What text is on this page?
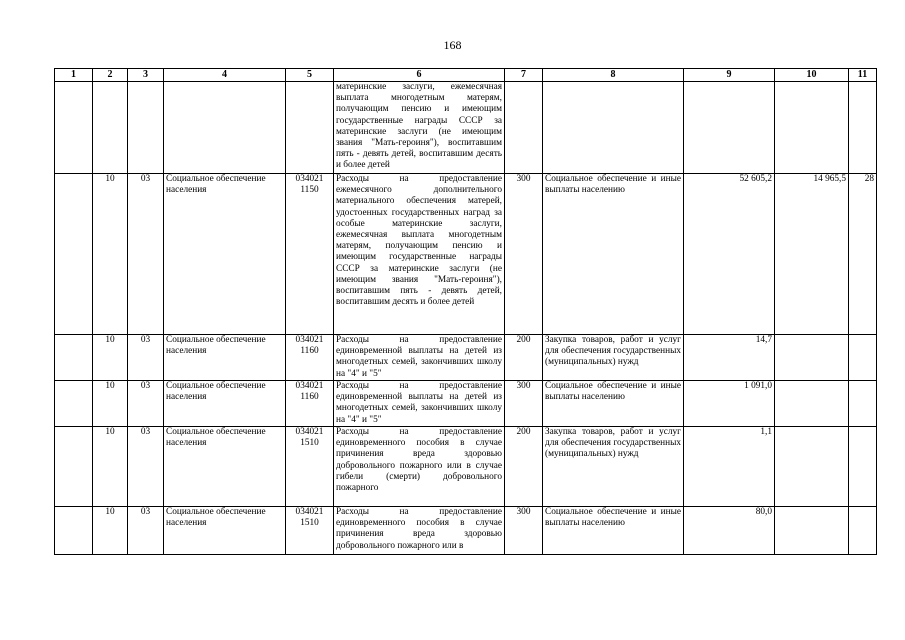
168
1	2	3	4	5	6	7	8	9	10	11
					материнские заслуги, ежемесячная выплата многодетным матерям, получающим пенсию и имеющим государственные награды СССР за материнские заслуги (не имеющим звания "Мать-героиня"), воспитавшим пять - девять детей, воспитавшим десять и более детей					
	10	03	Социальное обеспечение населения	034021 1150	Расходы на предоставление ежемесячного дополнительного материального обеспечения матерей, удостоенных государственных наград за особые материнские заслуги, ежемесячная выплата многодетным матерям, получающим пенсию и имеющим государственные награды СССР за материнские заслуги (не имеющим звания "Мать-героиня"), воспитавшим пять - девять детей, воспитавшим десять и более детей	300	Социальное обеспечение и иные выплаты населению	52 605,2	14 965,5	28
	10	03	Социальное обеспечение населения	034021 1160	Расходы на предоставление единовременной выплаты на детей из многодетных семей, закончивших школу на "4" и "5"	200	Закупка товаров, работ и услуг для обеспечения государственных (муниципальных) нужд	14,7		
	10	03	Социальное обеспечение населения	034021 1160	Расходы на предоставление единовременной выплаты на детей из многодетных семей, закончивших школу на "4" и "5"	300	Социальное обеспечение и иные выплаты населению	1 091,0		
	10	03	Социальное обеспечение населения	034021 1510	Расходы на предоставление единовременного пособия в случае причинения вреда здоровью добровольного пожарного или в случае гибели (смерти) добровольного пожарного	200	Закупка товаров, работ и услуг для обеспечения государственных (муниципальных) нужд	1,1		
	10	03	Социальное обеспечение населения	034021 1510	Расходы на предоставление единовременного пособия в случае причинения вреда здоровью добровольного пожарного или в	300	Социальное обеспечение и иные выплаты населению	80,0		
